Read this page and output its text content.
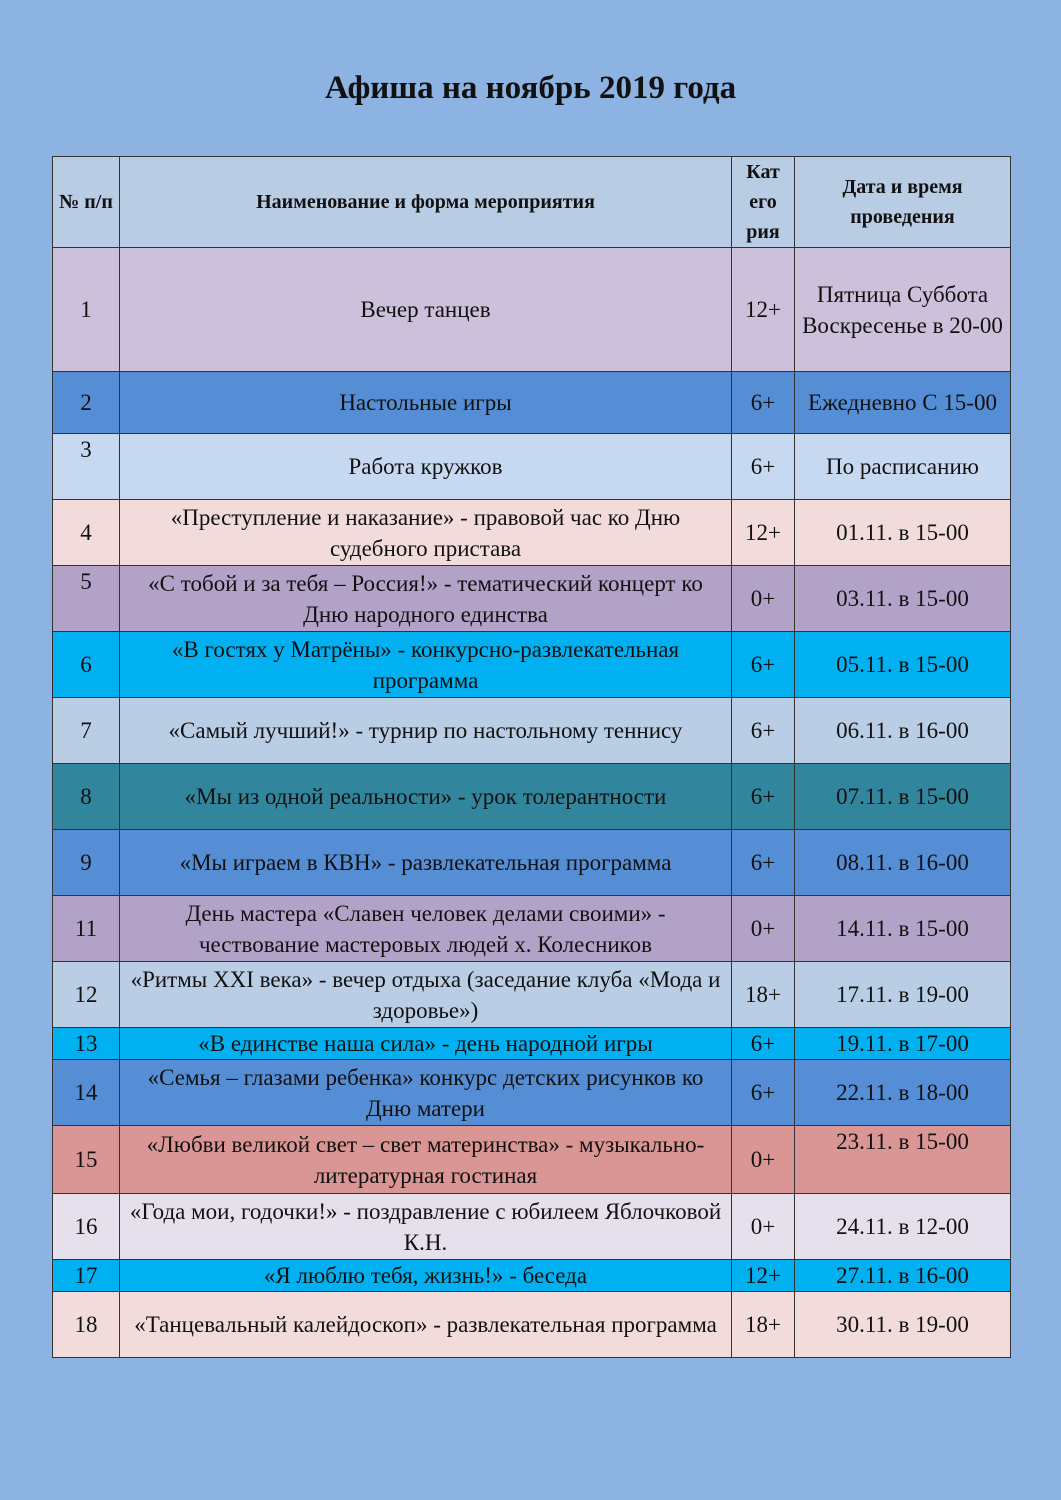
Афиша на ноябрь 2019 года
№ п/п	Наименование и форма мероприятия	Кат его рия	Дата и время проведения
1	Вечер танцев	12+	Пятница Суббота Воскресенье в 20-00
2	Настольные игры	6+	Ежедневно С 15-00
3	Работа кружков	6+	По расписанию
4	«Преступление и наказание» - правовой час ко Дню судебного пристава	12+	01.11. в 15-00
5	«С тобой и за тебя – Россия!» - тематический концерт ко Дню народного единства	0+	03.11. в 15-00
6	«В гостях у Матрёны» - конкурсно-развлекательная программа	6+	05.11. в 15-00
7	«Самый лучший!» - турнир по настольному теннису	6+	06.11. в 16-00
8	«Мы из одной реальности» - урок толерантности	6+	07.11. в 15-00
9	«Мы играем в КВН» - развлекательная программа	6+	08.11. в 16-00
11	День мастера «Славен человек делами своими» - чествование мастеровых людей х. Колесников	0+	14.11. в 15-00
12	«Ритмы XXI века» - вечер отдыха (заседание клуба «Мода и здоровье»)	18+	17.11. в 19-00
13	«В единстве наша сила» - день народной игры	6+	19.11. в 17-00
14	«Семья – глазами ребенка» конкурс детских рисунков ко Дню матери	6+	22.11. в 18-00
15	«Любви великой свет – свет материнства» - музыкально-литературная гостиная	0+	23.11. в 15-00
16	«Года мои, годочки!» - поздравление с юбилеем Яблочковой К.Н.	0+	24.11. в 12-00
17	«Я люблю тебя, жизнь!» - беседа	12+	27.11. в 16-00
18	«Танцевальный калейдоскоп» - развлекательная программа	18+	30.11. в 19-00
